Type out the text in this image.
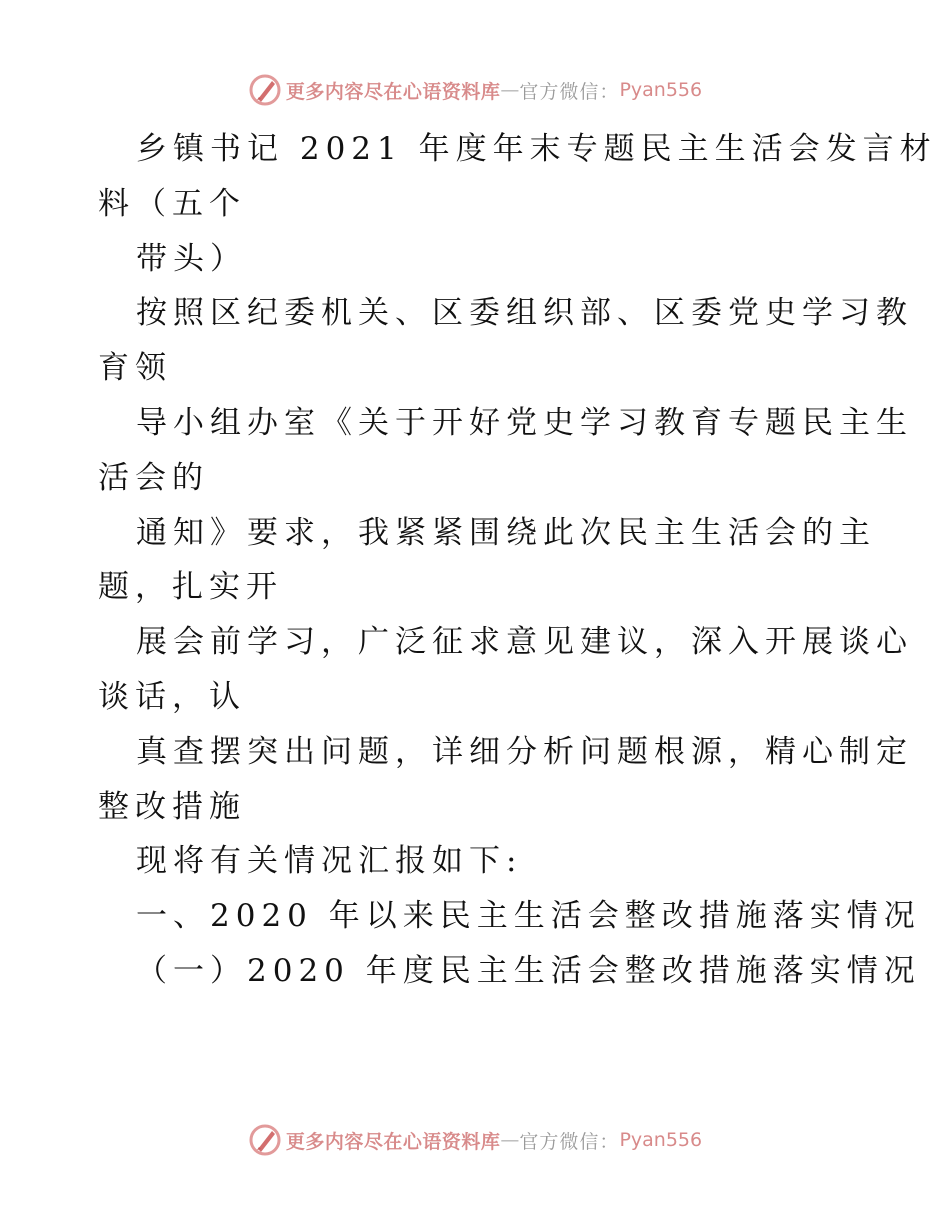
更多内容尽在心语资料库 — 官方微信： Pyan556
乡镇书记 2021 年度年末专题民主生活会发言材
料（五个
带头）
按照区纪委机关、区委组织部、区委党史学习教
育领
导小组办室《关于开好党史学习教育专题民主生
活会的
通知》要求，我紧紧围绕此次民主生活会的主
题，扎实开
展会前学习，广泛征求意见建议，深入开展谈心
谈话，认
真查摆突出问题，详细分析问题根源，精心制定
整改措施
现将有关情况汇报如下:
一、2020 年以来民主生活会整改措施落实情况
（一）2020 年度民主生活会整改措施落实情况
更多内容尽在心语资料库 — 官方微信： Pyan556
